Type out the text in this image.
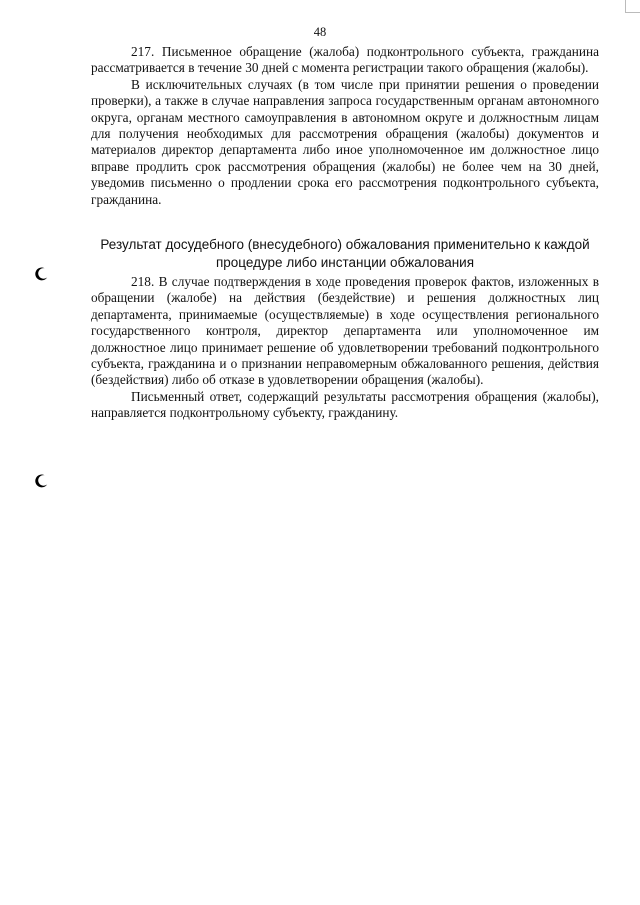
48

217. Письменное обращение (жалоба) подконтрольного субъекта, гражданина рассматривается в течение 30 дней с момента регистрации такого обращения (жалобы).

В исключительных случаях (в том числе при принятии решения о проведении проверки), а также в случае направления запроса государственным органам автономного округа, органам местного самоуправления в автономном округе и должностным лицам для получения необходимых для рассмотрения обращения (жалобы) документов и материалов директор департамента либо иное уполномоченное им должностное лицо вправе продлить срок рассмотрения обращения (жалобы) не более чем на 30 дней, уведомив письменно о продлении срока его рассмотрения подконтрольного субъекта, гражданина.

Результат досудебного (внесудебного) обжалования применительно к каждой
процедуре либо инстанции обжалования

218. В случае подтверждения в ходе проведения проверок фактов, изложенных в обращении (жалобе) на действия (бездействие) и решения должностных лиц департамента, принимаемые (осуществляемые) в ходе осуществления регионального государственного контроля, директор департамента или уполномоченное им должностное лицо принимает решение об удовлетворении требований подконтрольного субъекта, гражданина и о признании неправомерным обжалованного решения, действия (бездействия) либо об отказе в удовлетворении обращения (жалобы).

Письменный ответ, содержащий результаты рассмотрения обращения (жалобы), направляется подконтрольному субъекту, гражданину.
